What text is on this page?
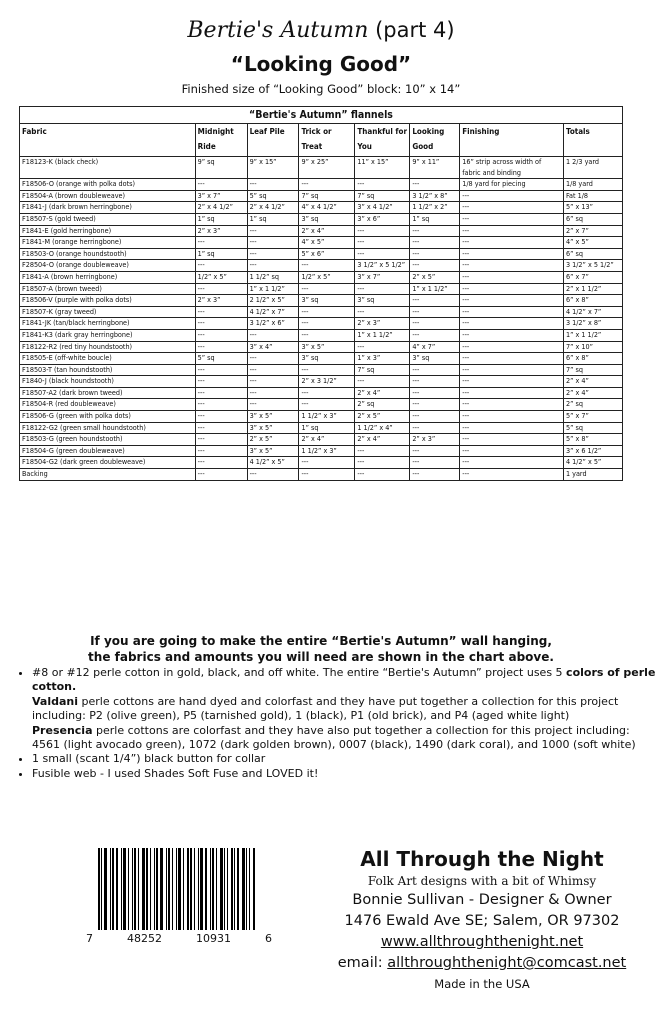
Bertie's Autumn (part 4)
“Looking Good”
Finished size of “Looking Good” block: 10” x 14”
“Bertie's Autumn” flannels							
Fabric	Midnight Ride	Leaf Pile	Trick or Treat	Thankful for You	Looking Good	Finishing	Totals
F18123-K (black check)	9” sq	9” x 15”	9” x 25”	11” x 15”	9” x 11”	16” strip across width of fabric and binding	1 2/3 yard
F18506-O (orange with polka dots)	---	---	---	---	---	1/8 yard for piecing	1/8 yard
F18504-A (brown doubleweave)	3” x 7”	5” sq	7” sq	7” sq	3 1/2” x 8”	---	Fat 1/8
F1841-J (dark brown herringbone)	2” x 4 1/2”	2” x 4 1/2”	4” x 4 1/2”	3” x 4 1/2”	1 1/2” x 2”	---	5” x 13”
F18507-S (gold tweed)	1” sq	1” sq	3” sq	3” x 6”	1” sq	---	6” sq
F1841-E (gold herringbone)	2” x 3”	---	2” x 4”	---	---	---	2” x 7”
F1841-M (orange herringbone)	---	---	4” x 5”	---	---	---	4” x 5”
F18503-O (orange houndstooth)	1” sq	---	5” x 6”	---	---	---	6” sq
F28504-O (orange doubleweave)	---	---	---	3 1/2” x 5 1/2”	---	---	3 1/2” x 5 1/2”
F1841-A (brown herringbone)	1/2” x 5”	1 1/2” sq	1/2” x 5”	3” x 7”	2” x 5”	---	6” x 7”
F18507-A (brown tweed)	---	1” x 1 1/2”	---	---	1” x 1 1/2”	---	2” x 1 1/2”
F18506-V (purple with polka dots)	2” x 3”	2 1/2” x 5”	3” sq	3” sq	---	---	6” x 8”
F18507-K (gray tweed)	---	4 1/2” x 7”	---	---	---	---	4 1/2” x 7”
F1841-JK (tan/black herringbone)	---	3 1/2” x 6”	---	2” x 3”	---	---	3 1/2” x 8”
F1841-K3 (dark gray herringbone)	---	---	---	1” x 1 1/2”	---	---	1” x 1 1/2”
F18122-R2 (red tiny houndstooth)	---	3” x 4”	3” x 5”	---	4” x 7”	---	7” x 10”
F18505-E (off-white boucle)	5” sq	---	3” sq	1” x 3”	3” sq	---	6” x 8”
F18503-T (tan houndstooth)	---	---	---	7” sq	---	---	7” sq
F1840-J (black houndstooth)	---	---	2” x 3 1/2”	---	---	---	2” x 4”
F18507-A2 (dark brown tweed)	---	---	---	2” x 4”	---	---	2” x 4”
F18504-R (red doubleweave)	---	---	---	2” sq	---	---	2” sq
F18506-G (green with polka dots)	---	3” x 5”	1 1/2” x 3”	2” x 5”	---	---	5” x 7”
F18122-G2 (green small houndstooth)	---	3” x 5”	1” sq	1 1/2” x 4”	---	---	5” sq
F18503-G (green houndstooth)	---	2” x 5”	2” x 4”	2” x 4”	2” x 3”	---	5” x 8”
F18504-G (green doubleweave)	---	3” x 5”	1 1/2” x 3”	---	---	---	3” x 6 1/2”
F18504-G2 (dark green doubleweave)	---	4 1/2” x 5”	---	---	---	---	4 1/2” x 5”
Backing	---	---	---	---	---	---	1 yard
If you are going to make the entire “Bertie's Autumn” wall hanging,
the fabrics and amounts you will need are shown in the chart above.
• #8 or #12 perle cotton in gold, black, and off white. The entire “Bertie's Autumn” project uses 5 colors of perle cotton.
Valdani perle cottons are hand dyed and colorfast and they have put together a collection for this project including: P2 (olive green), P5 (tarnished gold), 1 (black), P1 (old brick), and P4 (aged white light)
Presencia perle cottons are colorfast and they have also put together a collection for this project including: 4561 (light avocado green), 1072 (dark golden brown), 0007 (black), 1490 (dark coral), and 1000 (soft white)
• 1 small (scant 1/4”) black button for collar
• Fusible web - I used Shades Soft Fuse and LOVED it!
7	48252	10931	6
All Through the Night
Folk Art designs with a bit of Whimsy
Bonnie Sullivan - Designer & Owner
1476 Ewald Ave SE; Salem, OR 97302
www.allthroughthenight.net
email: allthroughthenight@comcast.net
Made in the USA
